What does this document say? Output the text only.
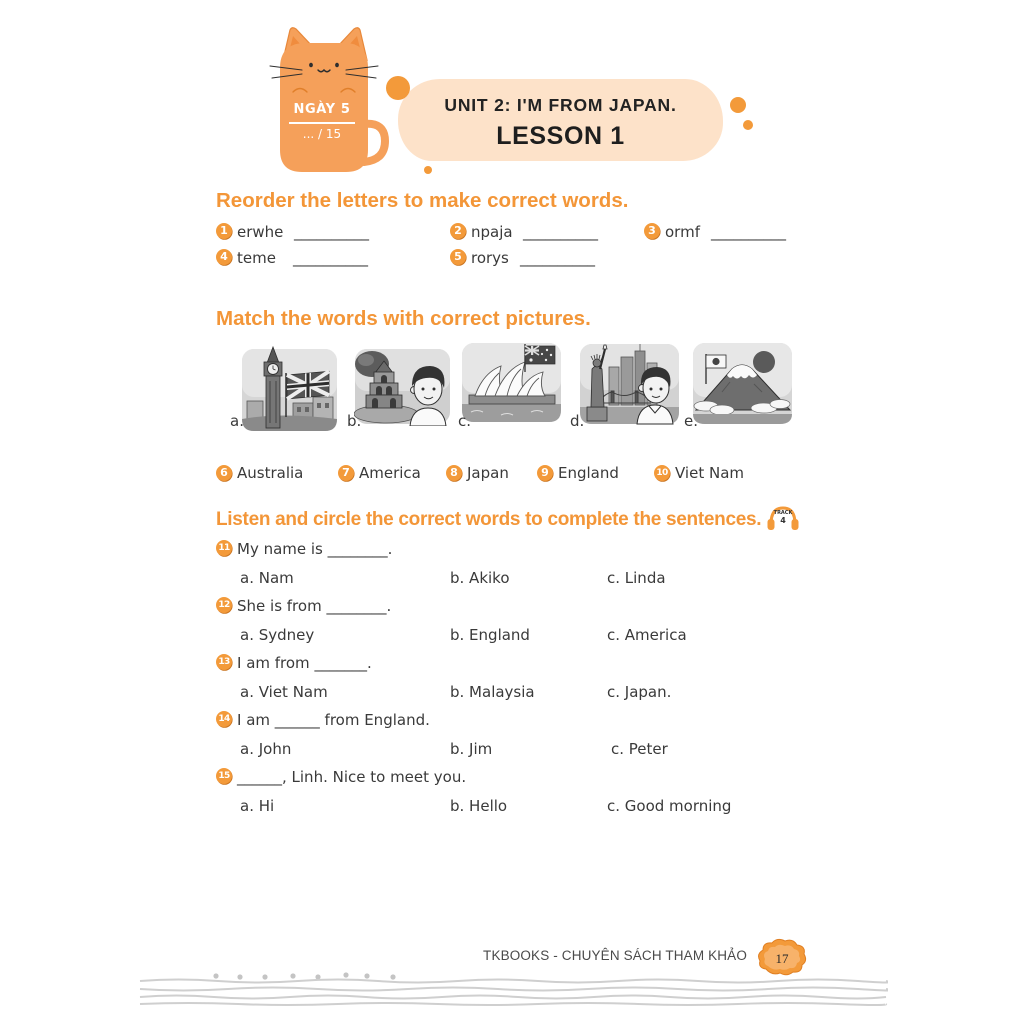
NGÀY 5
... / 15
UNIT 2: I'M FROM JAPAN.
LESSON 1
Reorder the letters to make correct words.
1 erwhe __________	2 npaja __________	3 ormf __________
4 teme __________	5 rorys __________
Match the words with correct pictures.
a.	b.	c.	d.	e.
6 Australia	7 America	8 Japan	9 England	10 Viet Nam
Listen and circle the correct words to complete the sentences.	TRACK
4
11 My name is ________.
a. Nam	b. Akiko	c. Linda
12 She is from ________.
a. Sydney	b. England	c. America
13 I am from _______.
a. Viet Nam	b. Malaysia	c. Japan.
14 I am ______ from England.
a. John	b. Jim	c. Peter
15 ______, Linh. Nice to meet you.
a. Hi	b. Hello	c. Good morning
TKBOOKS - CHUYÊN SÁCH THAM KHẢO	17
